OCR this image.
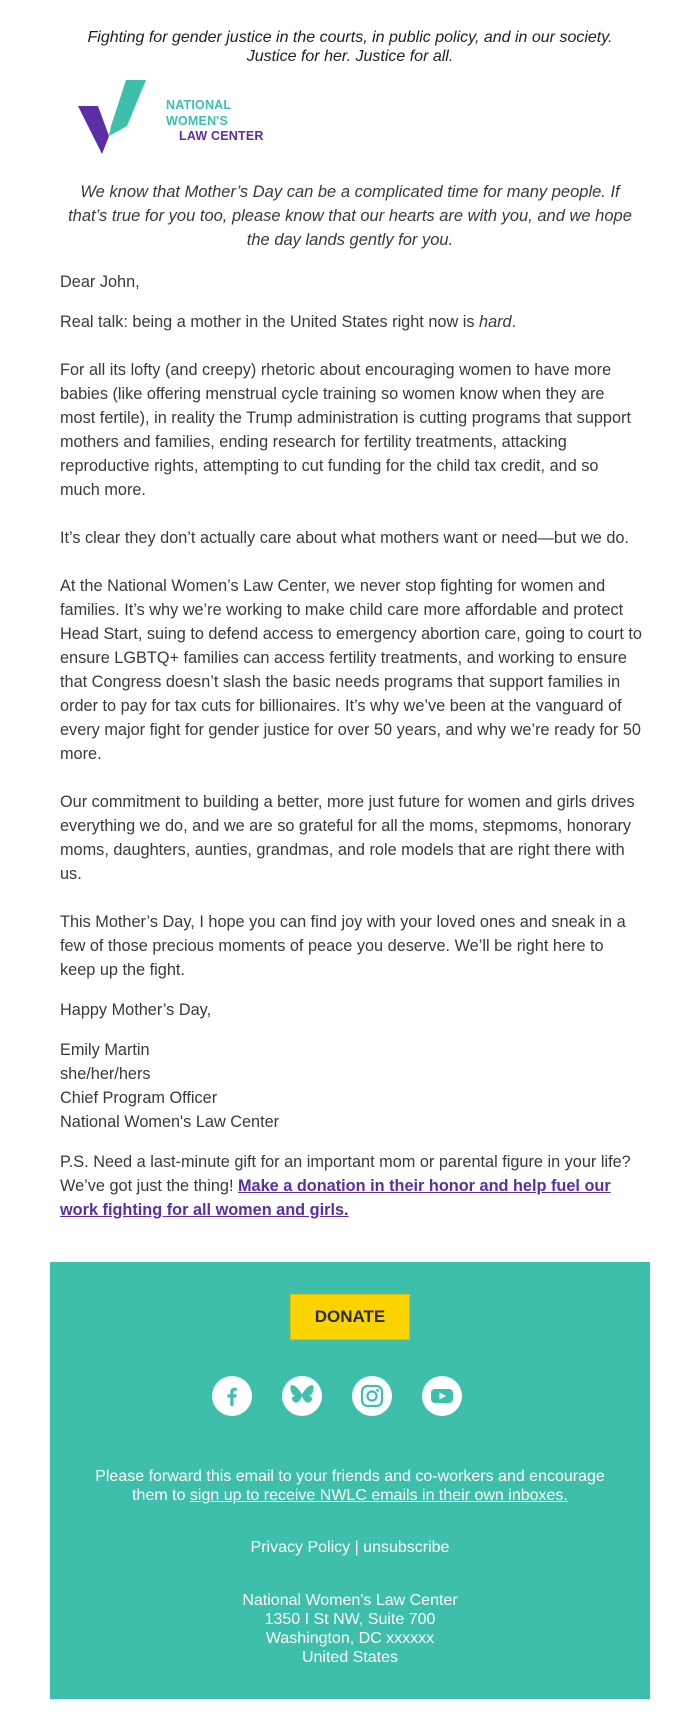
Fighting for gender justice in the courts, in public policy, and in our society.
Justice for her. Justice for all.
NATIONAL
WOMEN'S
LAW CENTER
We know that Mother’s Day can be a complicated time for many people. If that’s true for you too, please know that our hearts are with you, and we hope the day lands gently for you.

Dear John,

Real talk: being a mother in the United States right now is hard.

For all its lofty (and creepy) rhetoric about encouraging women to have more babies (like offering menstrual cycle training so women know when they are most fertile), in reality the Trump administration is cutting programs that support mothers and families, ending research for fertility treatments, attacking reproductive rights, attempting to cut funding for the child tax credit, and so much more.

It’s clear they don’t actually care about what mothers want or need—but we do.

At the National Women’s Law Center, we never stop fighting for women and families. It’s why we’re working to make child care more affordable and protect Head Start, suing to defend access to emergency abortion care, going to court to ensure LGBTQ+ families can access fertility treatments, and working to ensure that Congress doesn’t slash the basic needs programs that support families in order to pay for tax cuts for billionaires. It’s why we’ve been at the vanguard of every major fight for gender justice for over 50 years, and why we’re ready for 50 more.

Our commitment to building a better, more just future for women and girls drives everything we do, and we are so grateful for all the moms, stepmoms, honorary moms, daughters, aunties, grandmas, and role models that are right there with us.

This Mother’s Day, I hope you can find joy with your loved ones and sneak in a few of those precious moments of peace you deserve. We’ll be right here to keep up the fight.

Happy Mother’s Day,

Emily Martin

she/her/hers

Chief Program Officer

National Women's Law Center

P.S. Need a last-minute gift for an important mom or parental figure in your life? We’ve got just the thing! Make a donation in their honor and help fuel our work fighting for all women and girls.

DONATE
Please forward this email to your friends and co-workers and encourage them to sign up to receive NWLC emails in their own inboxes.
Privacy Policy | unsubscribe
National Women's Law Center
1350 I St NW, Suite 700
Washington, DC xxxxxx
United States
